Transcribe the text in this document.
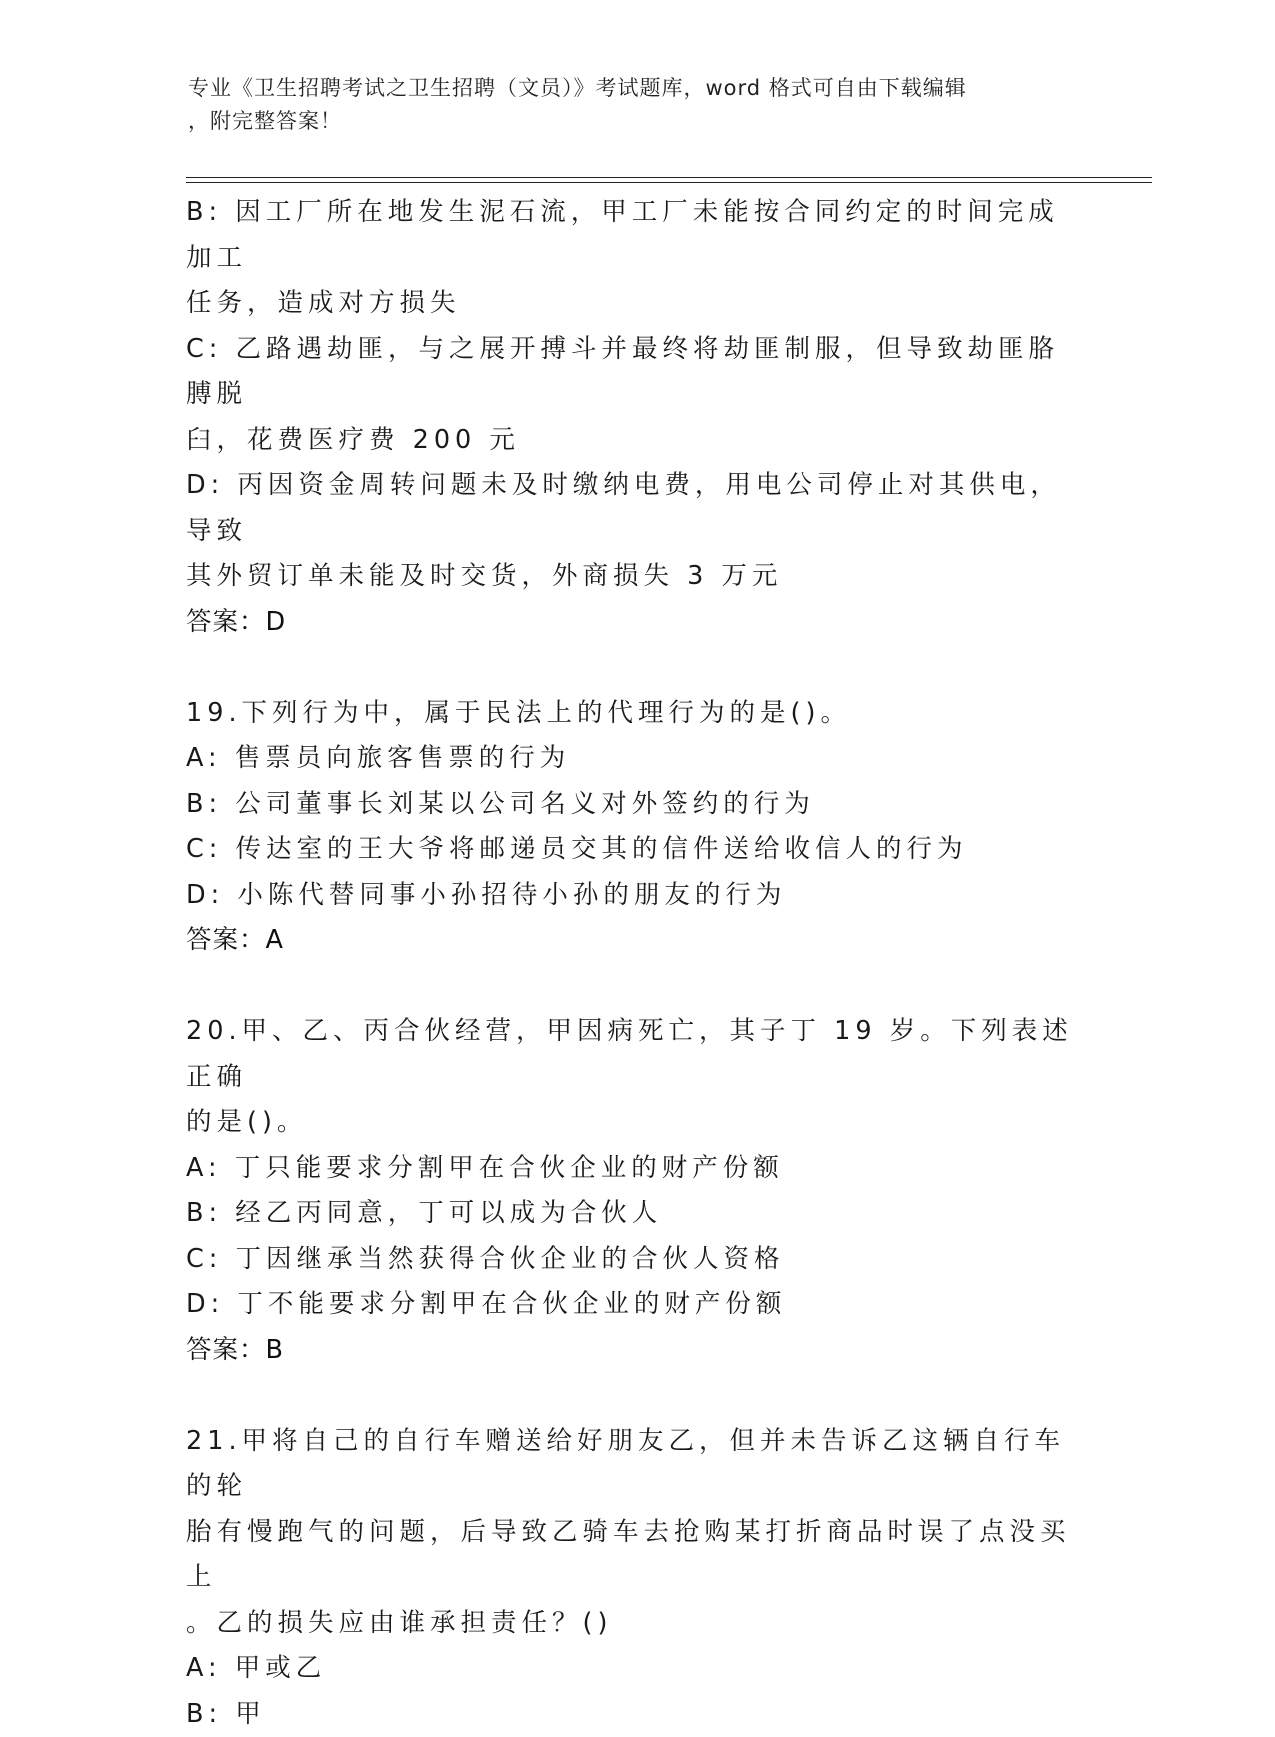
专业《卫生招聘考试之卫生招聘（文员）》考试题库，word 格式可自由下载编辑
，附完整答案！
B: 因工厂所在地发生泥石流，甲工厂未能按合同约定的时间完成加工
任务，造成对方损失
C: 乙路遇劫匪，与之展开搏斗并最终将劫匪制服，但导致劫匪胳膊脱
臼，花费医疗费 200 元
D: 丙因资金周转问题未及时缴纳电费，用电公司停止对其供电，导致
其外贸订单未能及时交货，外商损失 3 万元
答案：D
19.下列行为中，属于民法上的代理行为的是()。
A: 售票员向旅客售票的行为
B: 公司董事长刘某以公司名义对外签约的行为
C: 传达室的王大爷将邮递员交其的信件送给收信人的行为
D: 小陈代替同事小孙招待小孙的朋友的行为
答案：A
20.甲、乙、丙合伙经营，甲因病死亡，其子丁 19 岁。下列表述正确
的是()。
A: 丁只能要求分割甲在合伙企业的财产份额
B: 经乙丙同意，丁可以成为合伙人
C: 丁因继承当然获得合伙企业的合伙人资格
D: 丁不能要求分割甲在合伙企业的财产份额
答案：B
21.甲将自己的自行车赠送给好朋友乙，但并未告诉乙这辆自行车的轮
胎有慢跑气的问题，后导致乙骑车去抢购某打折商品时误了点没买上
。乙的损失应由谁承担责任？()
A: 甲或乙
B: 甲
